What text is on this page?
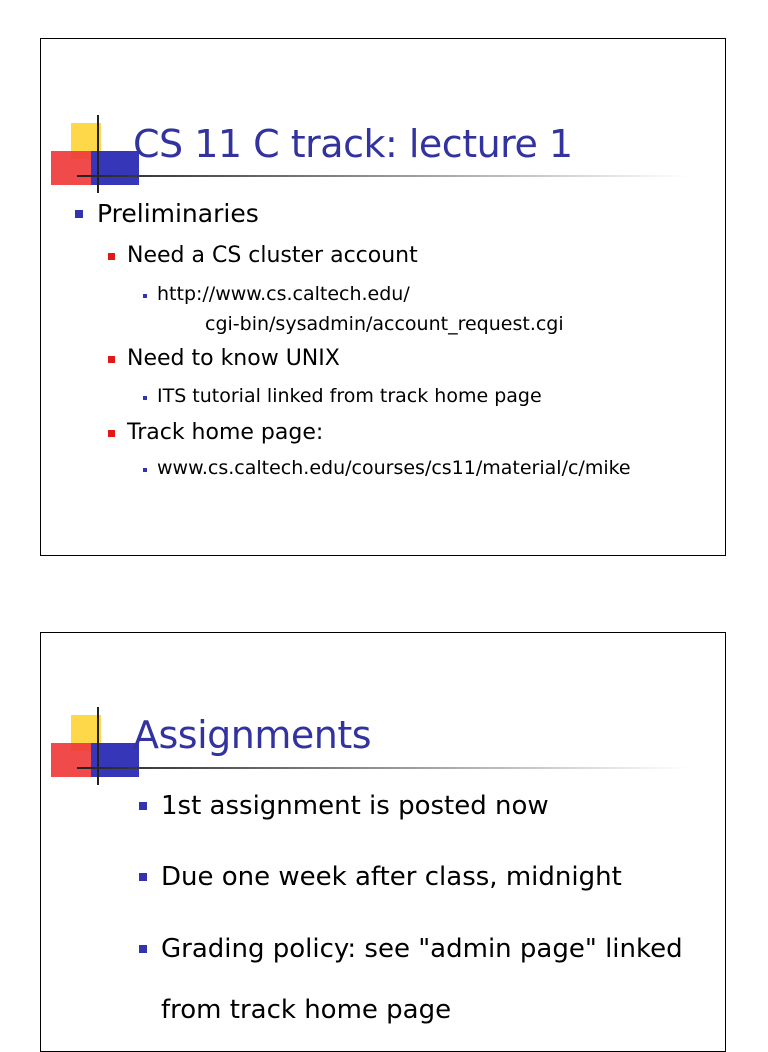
CS 11 C track: lecture 1
Preliminaries
Need a CS cluster account
http://www.cs.caltech.edu/
cgi-bin/sysadmin/account_request.cgi
Need to know UNIX
ITS tutorial linked from track home page
Track home page:
www.cs.caltech.edu/courses/cs11/material/c/mike
Assignments
1st assignment is posted now
Due one week after class, midnight
Grading policy: see "admin page" linked
from track home page
